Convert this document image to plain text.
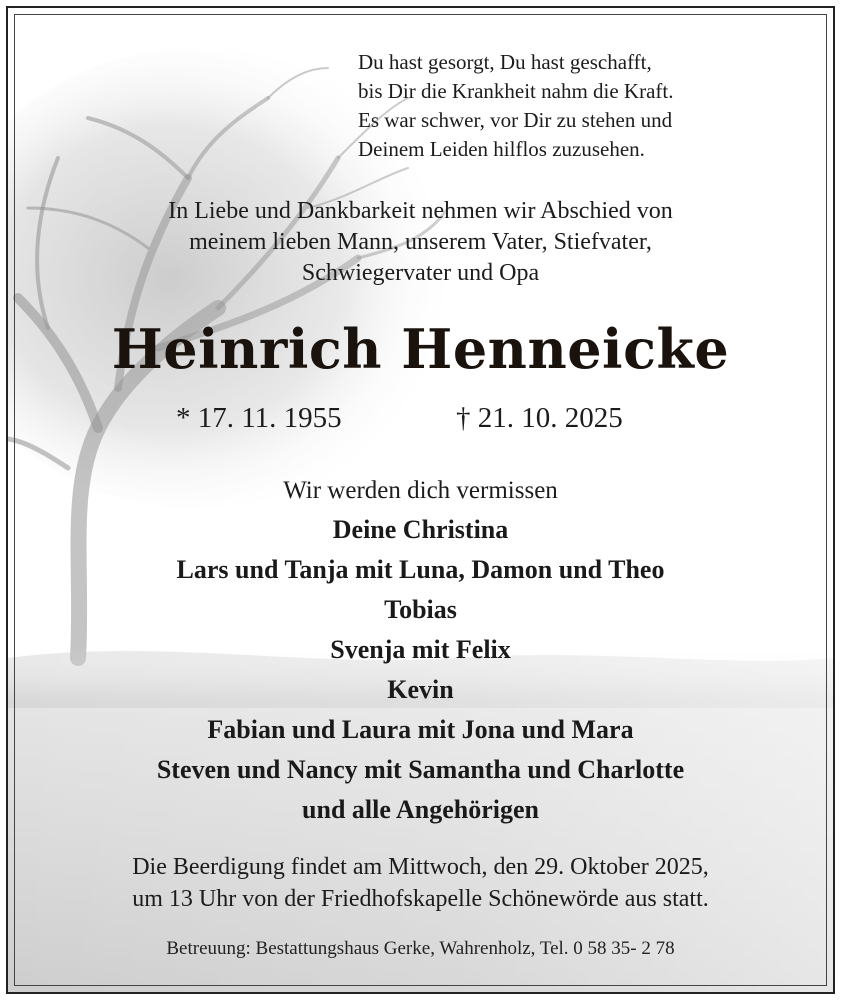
Du hast gesorgt, Du hast geschafft,
bis Dir die Krankheit nahm die Kraft.
Es war schwer, vor Dir zu stehen und
Deinem Leiden hilflos zuzusehen.
In Liebe und Dankbarkeit nehmen wir Abschied von
meinem lieben Mann, unserem Vater, Stiefvater,
Schwiegervater und Opa
Heinrich Henneicke
* 17. 11. 1955	† 21. 10. 2025
Wir werden dich vermissen
Deine Christina
Lars und Tanja mit Luna, Damon und Theo
Tobias
Svenja mit Felix
Kevin
Fabian und Laura mit Jona und Mara
Steven und Nancy mit Samantha und Charlotte
und alle Angehörigen
Die Beerdigung findet am Mittwoch, den 29. Oktober 2025,
um 13 Uhr von der Friedhofskapelle Schönewörde aus statt.
Betreuung: Bestattungshaus Gerke, Wahrenholz, Tel. 0 58 35- 2 78
